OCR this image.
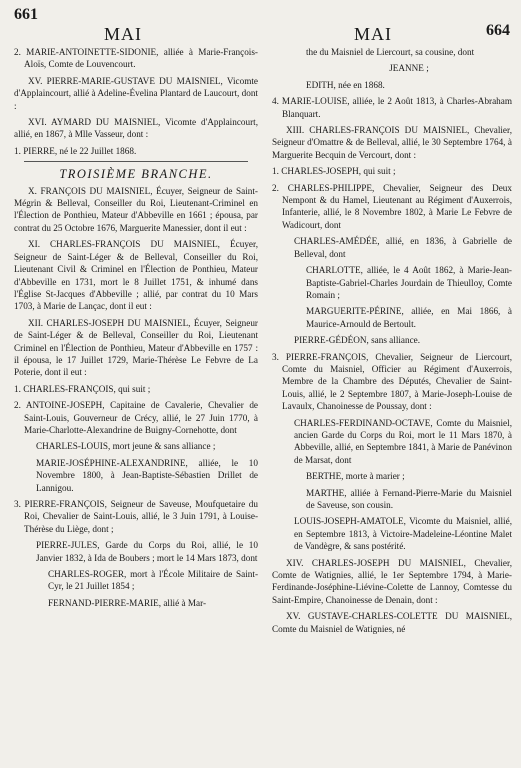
661
MAI

2. MARIE-ANTOINETTE-SIDONIE, alliée à Marie-François-Aloïs, Comte de Louvencourt.

XV. PIERRE-MARIE-GUSTAVE DU MAISNIEL, Vicomte d'Applaincourt, allié à Adeline-Évelina Plantard de Laucourt, dont :

XVI. AYMARD DU MAISNIEL, Vicomte d'Applaincourt, allié, en 1867, à Mlle Vasseur, dont :

1. PIERRE, né le 22 Juillet 1868.

TROISIÈME BRANCHE.

X. FRANÇOIS DU MAISNIEL, Écuyer, Seigneur de Saint-Mégrin & Belleval, Conseiller du Roi, Lieutenant-Criminel en l'Élection de Ponthieu, Mateur d'Abbeville en 1661 ; épousa, par contrat du 25 Octobre 1676, Marguerite Manessier, dont il eut :

XI. CHARLES-FRANÇOIS DU MAISNIEL, Écuyer, Seigneur de Saint-Léger & de Belleval, Conseiller du Roi, Lieutenant Civil & Criminel en l'Élection de Ponthieu, Mateur d'Abbeville en 1731, mort le 8 Juillet 1751, & inhumé dans l'Église St-Jacques d'Abbeville ; allié, par contrat du 10 Mars 1703, à Marie de Lançac, dont il eut :

XII. CHARLES-JOSEPH DU MAISNIEL, Écuyer, Seigneur de Saint-Léger & de Belleval, Conseiller du Roi, Lieutenant Criminel en l'Élection de Ponthieu, Mateur d'Abbeville en 1757 : il épousa, le 17 Juillet 1729, Marie-Thérèse Le Febvre de La Poterie, dont il eut :

1. CHARLES-FRANÇOIS, qui suit ;

2. ANTOINE-JOSEPH, Capitaine de Cavalerie, Chevalier de Saint-Louis, Gouverneur de Crécy, allié, le 27 Juin 1770, à Marie-Charlotte-Alexandrine de Buigny-Cornehotte, dont

CHARLES-LOUIS, mort jeune & sans alliance ;

MARIE-JOSÉPHINE-ALEXANDRINE, alliée, le 10 Novembre 1800, à Jean-Baptiste-Sébastien Drillet de Lannigou.

3. PIERRE-FRANÇOIS, Seigneur de Saveuse, Moufquetaire du Roi, Chevalier de Saint-Louis, allié, le 3 Juin 1791, à Louise-Thérèse du Liège, dont ;

PIERRE-JULES, Garde du Corps du Roi, allié, le 10 Janvier 1832, à Ida de Boubers ; mort le 14 Mars 1873, dont

CHARLES-ROGER, mort à l'École Militaire de Saint-Cyr, le 21 Juillet 1854 ;

FERNAND-PIERRE-MARIE, allié à Mar-

MAI	664

the du Maisniel de Liercourt, sa cousine, dont

JEANNE ;

EDITH, née en 1868.

4. MARIE-LOUISE, alliée, le 2 Août 1813, à Charles-Abraham Blanquart.

XIII. CHARLES-FRANÇOIS DU MAISNIEL, Chevalier, Seigneur d'Omattre & de Belleval, allié, le 30 Septembre 1764, à Marguerite Becquin de Vercourt, dont :

1. CHARLES-JOSEPH, qui suit ;

2. CHARLES-PHILIPPE, Chevalier, Seigneur des Deux Nempont & du Hamel, Lieutenant au Régiment d'Auxerrois, Infanterie, allié, le 8 Novembre 1802, à Marie Le Febvre de Wadicourt, dont

CHARLES-AMÉDÉE, allié, en 1836, à Gabrielle de Belleval, dont

CHARLOTTE, alliée, le 4 Août 1862, à Marie-Jean-Baptiste-Gabriel-Charles Jourdain de Thieulloy, Comte Romain ;

MARGUERITE-PÉRINE, alliée, en Mai 1866, à Maurice-Arnould de Bertoult.

PIERRE-GÉDÉON, sans alliance.

3. PIERRE-FRANÇOIS, Chevalier, Seigneur de Liercourt, Comte du Maisniel, Officier au Régiment d'Auxerrois, Membre de la Chambre des Députés, Chevalier de Saint-Louis, allié, le 2 Septembre 1807, à Marie-Joseph-Louise de Lavaulx, Chanoinesse de Poussay, dont :

CHARLES-FERDINAND-OCTAVE, Comte du Maisniel, ancien Garde du Corps du Roi, mort le 11 Mars 1870, à Abbeville, allié, en Septembre 1841, à Marie de Panévinon de Marsat, dont

BERTHE, morte à marier ;

MARTHE, alliée à Fernand-Pierre-Marie du Maisniel de Saveuse, son cousin.

LOUIS-JOSEPH-AMATOLE, Vicomte du Maisniel, allié, en Septembre 1813, à Victoire-Madeleine-Léontine Malet de Vandègre, & sans postérité.

XIV. CHARLES-JOSEPH DU MAISNIEL, Chevalier, Comte de Watignies, allié, le 1er Septembre 1794, à Marie-Ferdinande-Joséphine-Liévine-Colette de Lannoy, Comtesse du Saint-Empire, Chanoinesse de Denain, dont :

XV. GUSTAVE-CHARLES-COLETTE DU MAISNIEL, Comte du Maisniel de Watignies, né
